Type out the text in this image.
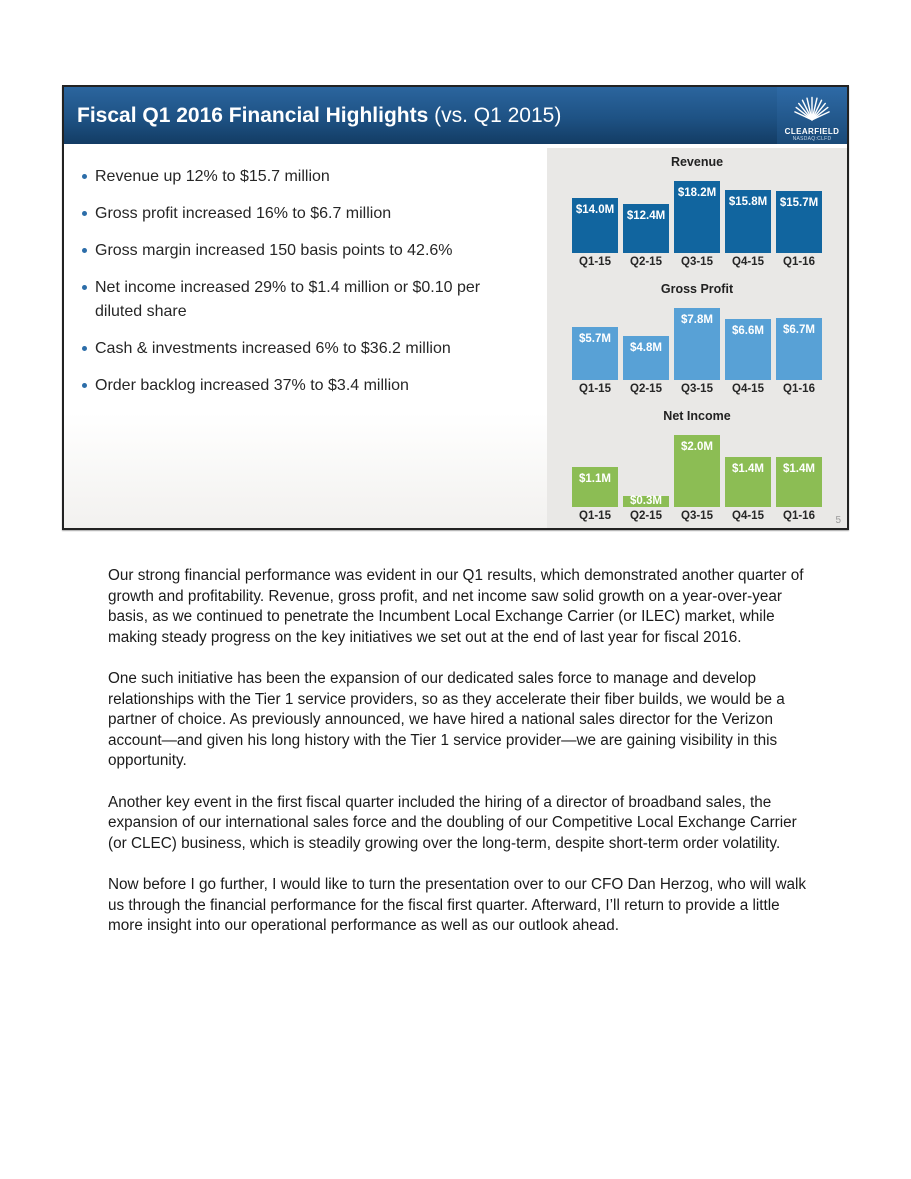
Fiscal Q1 2016 Financial Highlights (vs. Q1 2015)
CLEARFIELD
NASDAQ:CLFD
Revenue up 12% to $15.7 million
Gross profit increased 16% to $6.7 million
Gross margin increased 150 basis points to 42.6%
Net income increased 29% to $1.4 million or $0.10 per diluted share
Cash & investments increased 6% to $36.2 million
Order backlog increased 37% to $3.4 million
Revenue
$14.0M	$12.4M
$18.2M
$15.8M	$15.7M
Q1-15	Q2-15	Q3-15	Q4-15	Q1-16
Gross Profit
$5.7M
$4.8M
$7.8M
$6.6M	$6.7M
Q1-15	Q2-15	Q3-15	Q4-15	Q1-16
Net Income
$1.1M
$0.3M
$2.0M
$1.4M	$1.4M
Q1-15	Q2-15	Q3-15	Q4-15	Q1-16	5

Our strong financial performance was evident in our Q1 results, which demonstrated another quarter of growth and profitability. Revenue, gross profit, and net income saw solid growth on a year-over-year basis, as we continued to penetrate the Incumbent Local Exchange Carrier (or ILEC) market, while making steady progress on the key initiatives we set out at the end of last year for fiscal 2016.

One such initiative has been the expansion of our dedicated sales force to manage and develop relationships with the Tier 1 service providers, so as they accelerate their fiber builds, we would be a partner of choice. As previously announced, we have hired a national sales director for the Verizon account—and given his long history with the Tier 1 service provider—we are gaining visibility in this opportunity.

Another key event in the first fiscal quarter included the hiring of a director of broadband sales, the expansion of our international sales force and the doubling of our Competitive Local Exchange Carrier (or CLEC) business, which is steadily growing over the long-term, despite short-term order volatility.

Now before I go further, I would like to turn the presentation over to our CFO Dan Herzog, who will walk us through the financial performance for the fiscal first quarter. Afterward, I’ll return to provide a little more insight into our operational performance as well as our outlook ahead.
